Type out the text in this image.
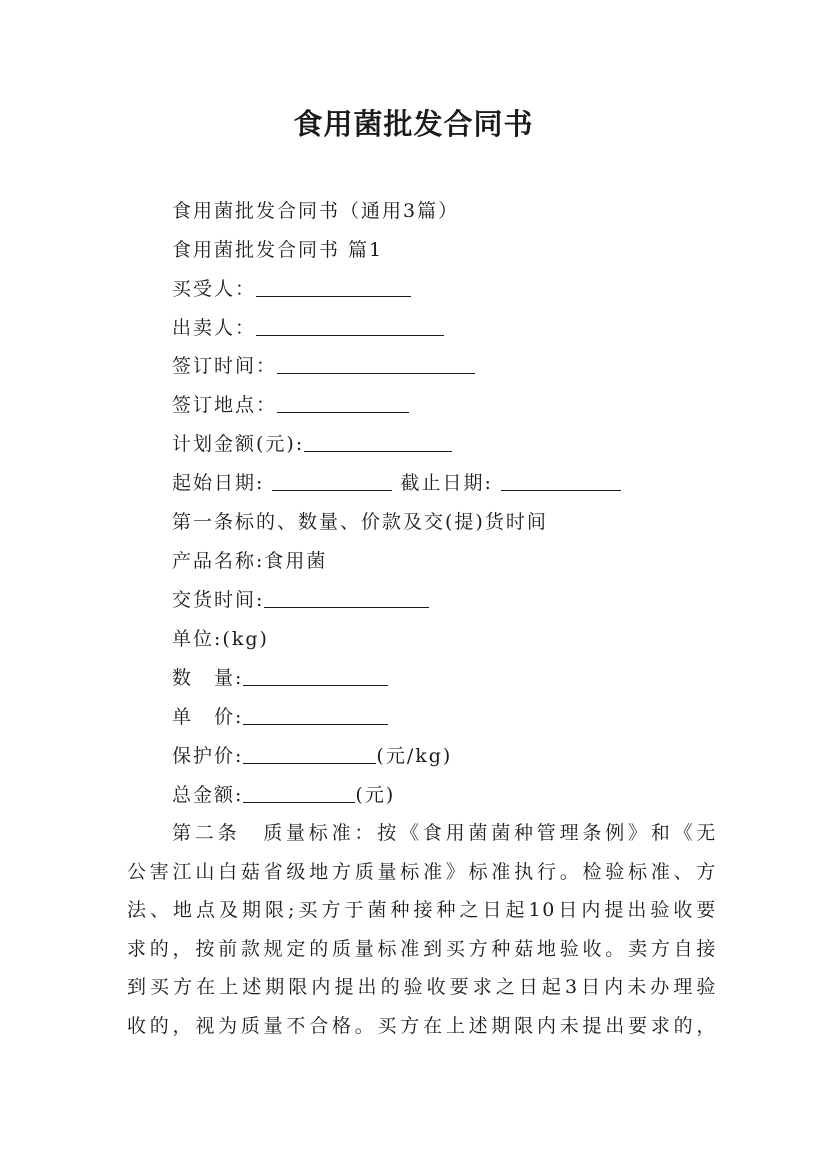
食用菌批发合同书
食用菌批发合同书（通用3篇）
食用菌批发合同书 篇1
买受人：
出卖人：
签订时间：
签订地点：
计划金额(元):
起始日期:	截止日期:
第一条标的、数量、价款及交(提)货时间
产品名称:食用菌
交货时间:
单位:(kg)
数　量:
单　价:
保护价:	(元/kg)
总金额:	(元)
第二条　质量标准：按《食用菌菌种管理条例》和《无
公害江山白菇省级地方质量标准》标准执行。检验标准、方
法、地点及期限;买方于菌种接种之日起10日内提出验收要
求的，按前款规定的质量标准到买方种菇地验收。卖方自接
到买方在上述期限内提出的验收要求之日起3日内未办理验
收的，视为质量不合格。买方在上述期限内未提出要求的，
